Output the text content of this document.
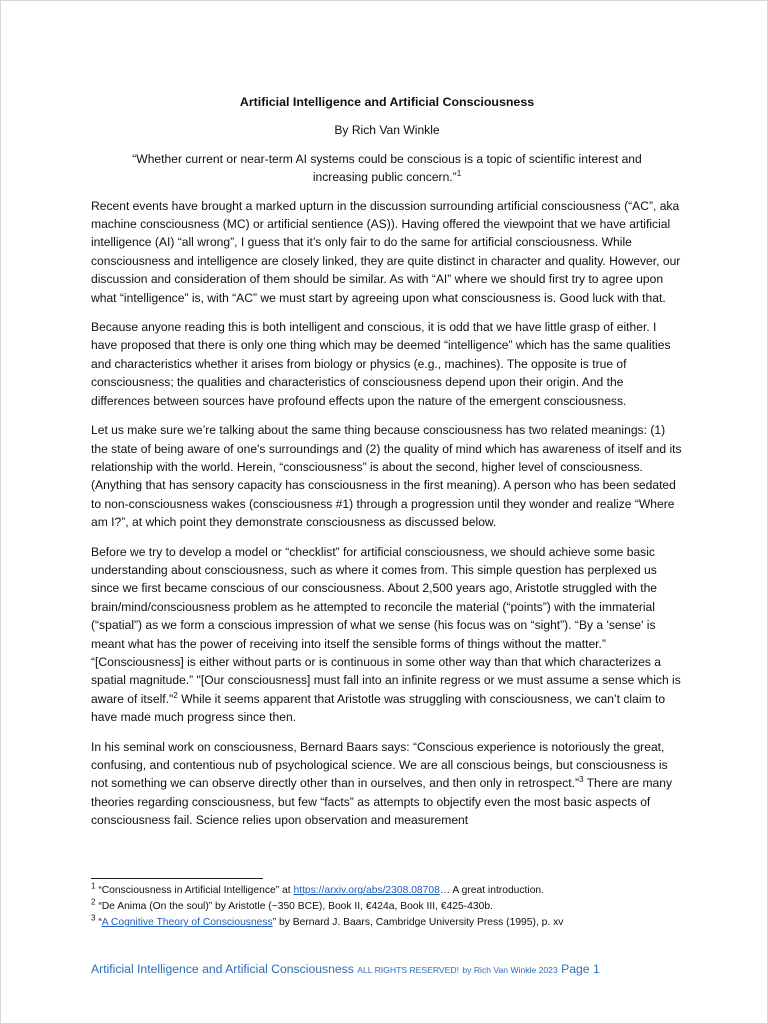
Artificial Intelligence and Artificial Consciousness

By Rich Van Winkle

“Whether current or near-term AI systems could be conscious is a topic of scientific interest and increasing public concern.”$^1$

Recent events have brought a marked upturn in the discussion surrounding artificial consciousness (“AC”, aka machine consciousness (MC) or artificial sentience (AS)). Having offered the viewpoint that we have artificial intelligence (AI) “all wrong”, I guess that it’s only fair to do the same for artificial consciousness. While consciousness and intelligence are closely linked, they are quite distinct in character and quality. However, our discussion and consideration of them should be similar. As with “AI” where we should first try to agree upon what “intelligence” is, with “AC” we must start by agreeing upon what consciousness is. Good luck with that.

Because anyone reading this is both intelligent and conscious, it is odd that we have little grasp of either. I have proposed that there is only one thing which may be deemed “intelligence” which has the same qualities and characteristics whether it arises from biology or physics (e.g., machines). The opposite is true of consciousness; the qualities and characteristics of consciousness depend upon their origin. And the differences between sources have profound effects upon the nature of the emergent consciousness.

Let us make sure we’re talking about the same thing because consciousness has two related meanings: (1) the state of being aware of one's surroundings and (2) the quality of mind which has awareness of itself and its relationship with the world. Herein, “consciousness” is about the second, higher level of consciousness. (Anything that has sensory capacity has consciousness in the first meaning). A person who has been sedated to non-consciousness wakes (consciousness #1) through a progression until they wonder and realize “Where am I?”, at which point they demonstrate consciousness as discussed below.

Before we try to develop a model or “checklist” for artificial consciousness, we should achieve some basic understanding about consciousness, such as where it comes from. This simple question has perplexed us since we first became conscious of our consciousness. About 2,500 years ago, Aristotle struggled with the brain/mind/consciousness problem as he attempted to reconcile the material (“points”) with the immaterial (“spatial”) as we form a conscious impression of what we sense (his focus was on “sight”). “By a 'sense' is meant what has the power of receiving into itself the sensible forms of things without the matter.” “[Consciousness] is either without parts or is continuous in some other way than that which characterizes a spatial magnitude.” "[Our consciousness] must fall into an infinite regress or we must assume a sense which is aware of itself."$^2$ While it seems apparent that Aristotle was struggling with consciousness, we can’t claim to have made much progress since then.

In his seminal work on consciousness, Bernard Baars says: “Conscious experience is notoriously the great, confusing, and contentious nub of psychological science. We are all conscious beings, but consciousness is not something we can observe directly other than in ourselves, and then only in retrospect.”$^3$ There are many theories regarding consciousness, but few “facts” as attempts to objectify even the most basic aspects of consciousness fail. Science relies upon observation and measurement

$^1$ “Consciousness in Artificial Intelligence” at https://arxiv.org/abs/2308.08708… A great introduction.
$^2$ “De Anima (On the soul)” by Aristotle (~350 BCE), Book II, €424a, Book III, €425-430b.
$^3$ “A Cognitive Theory of Consciousness” by Bernard J. Baars, Cambridge University Press (1995), p. xv
Artificial Intelligence and Artificial Consciousness ALL RIGHTS RESERVED! by Rich Van Winkle 2023 Page 1
